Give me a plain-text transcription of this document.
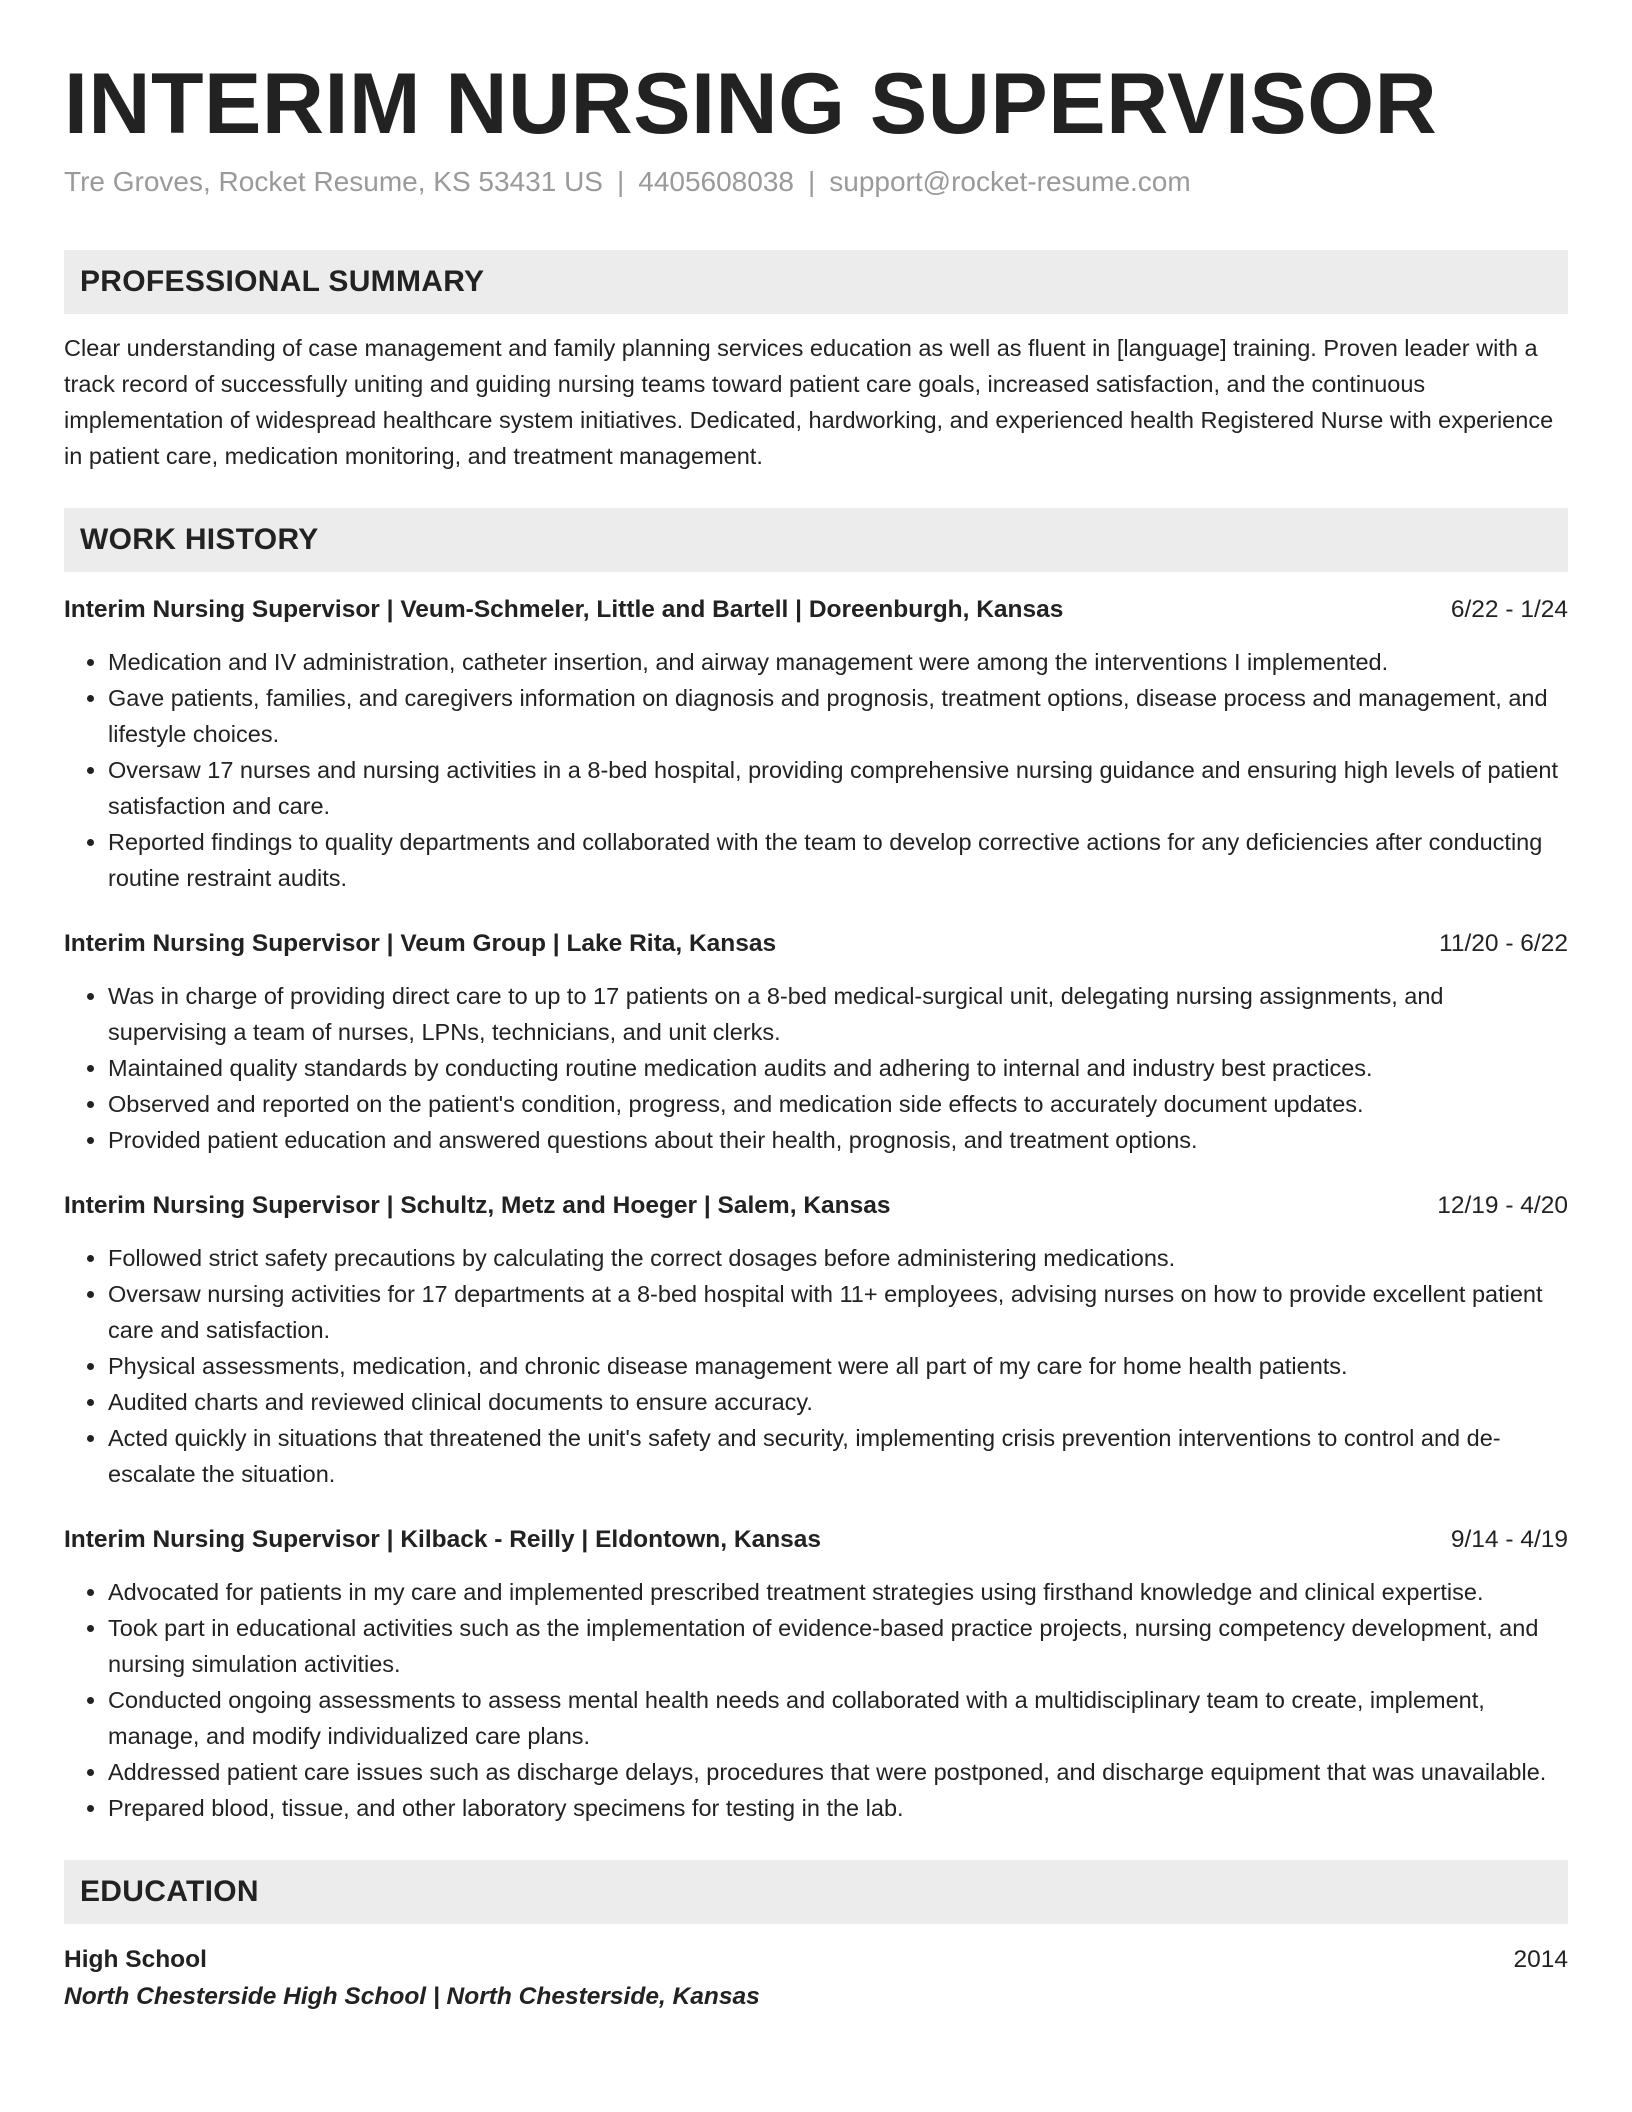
INTERIM NURSING SUPERVISOR
Tre Groves, Rocket Resume, KS 53431 US | 4405608038 | support@rocket-resume.com
PROFESSIONAL SUMMARY

Clear understanding of case management and family planning services education as well as fluent in [language] training. Proven leader with a track record of successfully uniting and guiding nursing teams toward patient care goals, increased satisfaction, and the continuous implementation of widespread healthcare system initiatives. Dedicated, hardworking, and experienced health Registered Nurse with experience in patient care, medication monitoring, and treatment management.

WORK HISTORY
Interim Nursing Supervisor | Veum-Schmeler, Little and Bartell | Doreenburgh, Kansas	6/22 - 1/24
• Medication and IV administration, catheter insertion, and airway management were among the interventions I implemented.
• Gave patients, families, and caregivers information on diagnosis and prognosis, treatment options, disease process and management, and lifestyle choices.
• Oversaw 17 nurses and nursing activities in a 8-bed hospital, providing comprehensive nursing guidance and ensuring high levels of patient satisfaction and care.
• Reported findings to quality departments and collaborated with the team to develop corrective actions for any deficiencies after conducting routine restraint audits.
Interim Nursing Supervisor | Veum Group | Lake Rita, Kansas	11/20 - 6/22
• Was in charge of providing direct care to up to 17 patients on a 8-bed medical-surgical unit, delegating nursing assignments, and supervising a team of nurses, LPNs, technicians, and unit clerks.
• Maintained quality standards by conducting routine medication audits and adhering to internal and industry best practices.
• Observed and reported on the patient's condition, progress, and medication side effects to accurately document updates.
• Provided patient education and answered questions about their health, prognosis, and treatment options.
Interim Nursing Supervisor | Schultz, Metz and Hoeger | Salem, Kansas	12/19 - 4/20
• Followed strict safety precautions by calculating the correct dosages before administering medications.
• Oversaw nursing activities for 17 departments at a 8-bed hospital with 11+ employees, advising nurses on how to provide excellent patient care and satisfaction.
• Physical assessments, medication, and chronic disease management were all part of my care for home health patients.
• Audited charts and reviewed clinical documents to ensure accuracy.
• Acted quickly in situations that threatened the unit's safety and security, implementing crisis prevention interventions to control and de-escalate the situation.
Interim Nursing Supervisor | Kilback - Reilly | Eldontown, Kansas	9/14 - 4/19
• Advocated for patients in my care and implemented prescribed treatment strategies using firsthand knowledge and clinical expertise.
• Took part in educational activities such as the implementation of evidence-based practice projects, nursing competency development, and nursing simulation activities.
• Conducted ongoing assessments to assess mental health needs and collaborated with a multidisciplinary team to create, implement, manage, and modify individualized care plans.
• Addressed patient care issues such as discharge delays, procedures that were postponed, and discharge equipment that was unavailable.
• Prepared blood, tissue, and other laboratory specimens for testing in the lab.
EDUCATION
High School	2014
North Chesterside High School | North Chesterside, Kansas
